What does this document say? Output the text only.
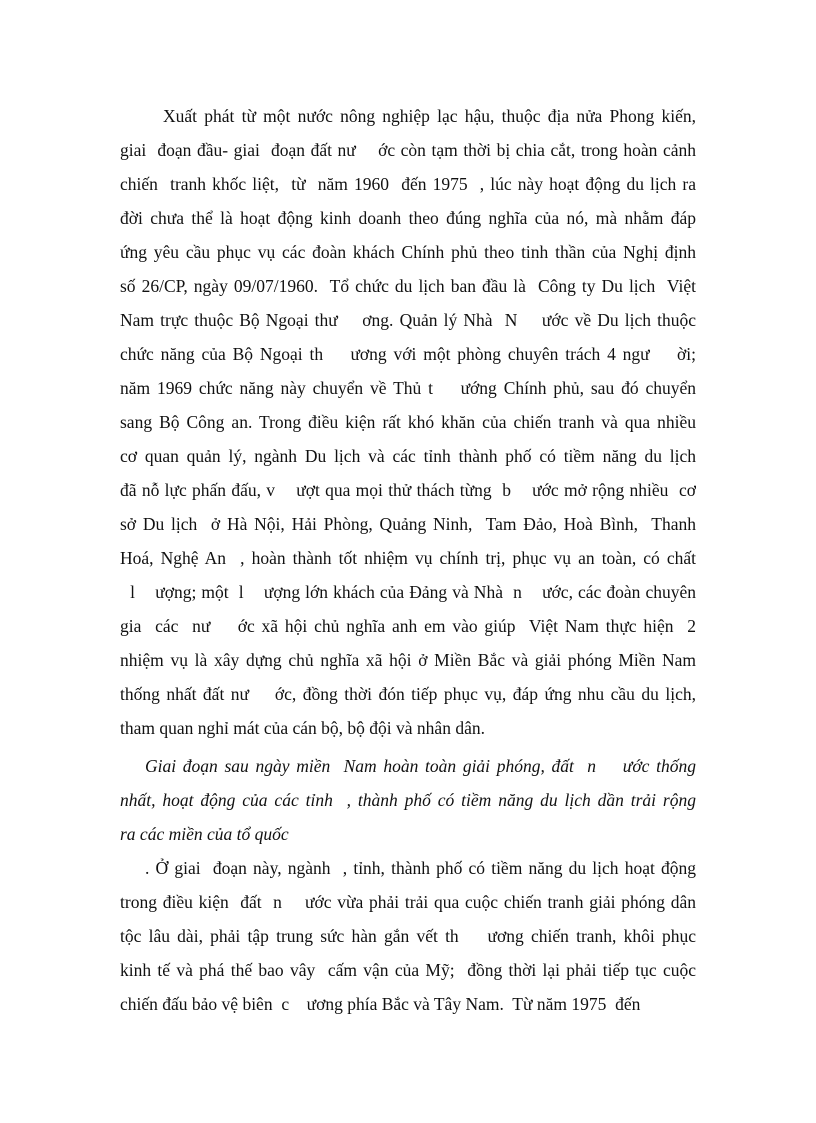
Xuất phát từ một nước nông nghiệp lạc hậu, thuộc địa nửa Phong kiến,
giai  đoạn đầu- giai  đoạn đất nư    ớc còn tạm thời bị chia cắt, trong hoàn cảnh
chiến  tranh khốc liệt,  từ  năm 1960  đến 1975  , lúc này hoạt động du lịch ra
đời chưa thể là hoạt động kinh doanh theo đúng nghĩa của nó, mà nhằm đáp
ứng yêu cầu phục vụ các đoàn khách Chính phủ theo tinh thần của Nghị định
số 26/CP, ngày 09/07/1960.  Tổ chức du lịch ban đầu là  Công ty Du lịch  Việt
Nam trực thuộc Bộ Ngoại thư    ơng. Quản lý Nhà  N    ước về Du lịch thuộc
chức năng của Bộ Ngoại th    ương với một phòng chuyên trách 4 ngư    ời;
năm 1969 chức năng này chuyển về Thủ t    ướng Chính phủ, sau đó chuyển
sang Bộ Công an. Trong điều kiện rất khó khăn của chiến tranh và qua nhiều
cơ quan quản lý, ngành Du lịch và các tỉnh thành phố có tiềm năng du lịch
đã nỗ lực phấn đấu, v    ượt qua mọi thử thách từng  b    ước mở rộng nhiều  cơ
sở Du lịch  ở Hà Nội, Hải Phòng, Quảng Ninh,  Tam Đảo, Hoà Bình,  Thanh
Hoá, Nghệ An  , hoàn thành tốt nhiệm vụ chính trị, phục vụ an toàn, có chất
l    ượng; một  l    ượng lớn khách của Đảng và Nhà  n    ước, các đoàn chuyên
gia  các  nư    ớc xã hội chủ nghĩa anh em vào giúp  Việt Nam thực hiện  2
nhiệm vụ là xây dựng chủ nghĩa xã hội ở Miền Bắc và giải phóng Miền Nam
thống nhất đất nư    ớc, đồng thời đón tiếp phục vụ, đáp ứng nhu cầu du lịch,
tham quan nghỉ mát của cán bộ, bộ đội và nhân dân.
Giai đoạn sau ngày miền  Nam hoàn toàn giải phóng, đất  n    ước thống
nhất, hoạt động của các tỉnh  , thành phố có tiềm năng du lịch dần trải rộng
ra các miền của tổ quốc
. Ở giai  đoạn này, ngành  , tỉnh, thành phố có tiềm năng du lịch hoạt động
trong điều kiện  đất  n    ước vừa phải trải qua cuộc chiến tranh giải phóng dân
tộc lâu dài, phải tập trung sức hàn gắn vết th    ương chiến tranh, khôi phục
kinh tế và phá thế bao vây  cấm vận của Mỹ;  đồng thời lại phải tiếp tục cuộc
chiến đấu bảo vệ biên  c    ương phía Bắc và Tây Nam.  Từ năm 1975  đến
